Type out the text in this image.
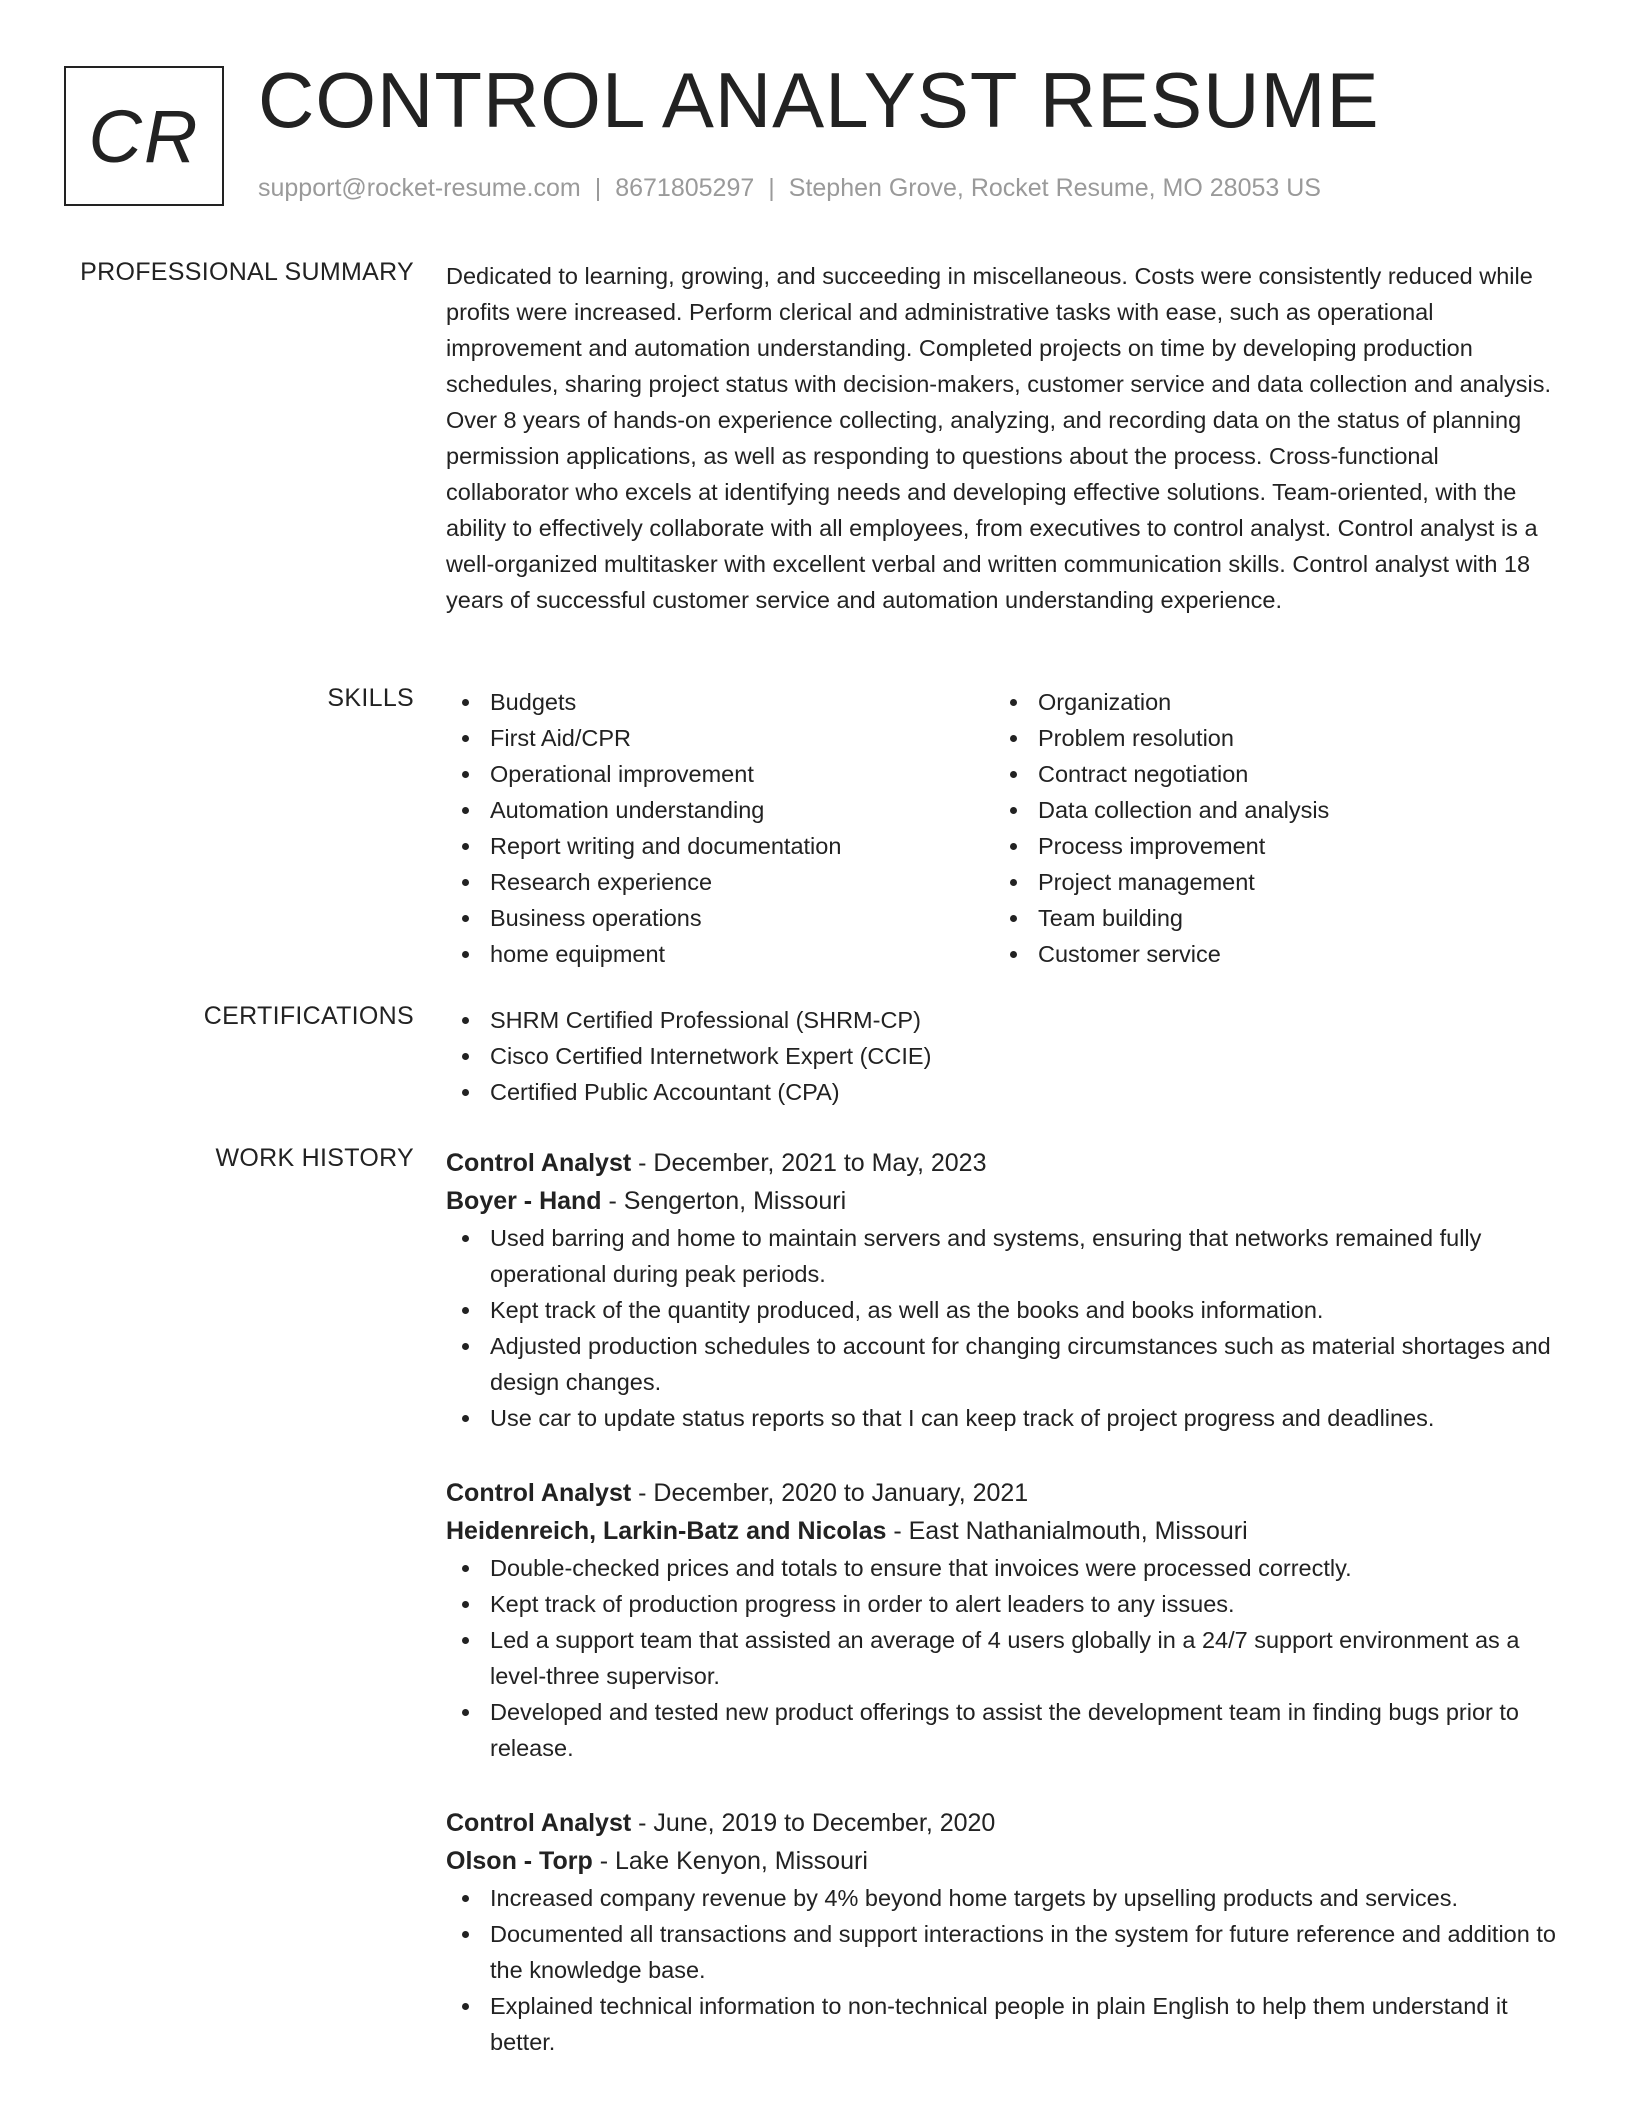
CR CONTROL ANALYST RESUME
support@rocket-resume.com | 8671805297 | Stephen Grove, Rocket Resume, MO 28053 US
PROFESSIONAL SUMMARY Dedicated to learning, growing, and succeeding in miscellaneous. Costs were consistently reduced while profits were increased. Perform clerical and administrative tasks with ease, such as operational improvement and automation understanding. Completed projects on time by developing production schedules, sharing project status with decision-makers, customer service and data collection and analysis. Over 8 years of hands-on experience collecting, analyzing, and recording data on the status of planning permission applications, as well as responding to questions about the process. Cross-functional collaborator who excels at identifying needs and developing effective solutions. Team-oriented, with the ability to effectively collaborate with all employees, from executives to control analyst. Control analyst is a well-organized multitasker with excellent verbal and written communication skills. Control analyst with 18 years of successful customer service and automation understanding experience.

SKILLS	Budgets
First Aid/CPR
Operational improvement
Automation understanding
Report writing and documentation
Research experience
Business operations
home equipment
Organization
Problem resolution
Contract negotiation
Data collection and analysis
Process improvement
Project management
Team building
Customer service
CERTIFICATIONS	SHRM Certified Professional (SHRM-CP)
Cisco Certified Internetwork Expert (CCIE)
Certified Public Accountant (CPA)
WORK HISTORY Control Analyst - December, 2021 to May, 2023
Boyer - Hand - Sengerton, Missouri
Used barring and home to maintain servers and systems, ensuring that networks remained fully operational during peak periods.
Kept track of the quantity produced, as well as the books and books information.
Adjusted production schedules to account for changing circumstances such as material shortages and design changes.
Use car to update status reports so that I can keep track of project progress and deadlines.
Control Analyst - December, 2020 to January, 2021
Heidenreich, Larkin-Batz and Nicolas - East Nathanialmouth, Missouri
Double-checked prices and totals to ensure that invoices were processed correctly.
Kept track of production progress in order to alert leaders to any issues.
Led a support team that assisted an average of 4 users globally in a 24/7 support environment as a level-three supervisor.
Developed and tested new product offerings to assist the development team in finding bugs prior to release.
Control Analyst - June, 2019 to December, 2020
Olson - Torp - Lake Kenyon, Missouri
Increased company revenue by 4% beyond home targets by upselling products and services.
Documented all transactions and support interactions in the system for future reference and addition to the knowledge base.
Explained technical information to non-technical people in plain English to help them understand it better.
